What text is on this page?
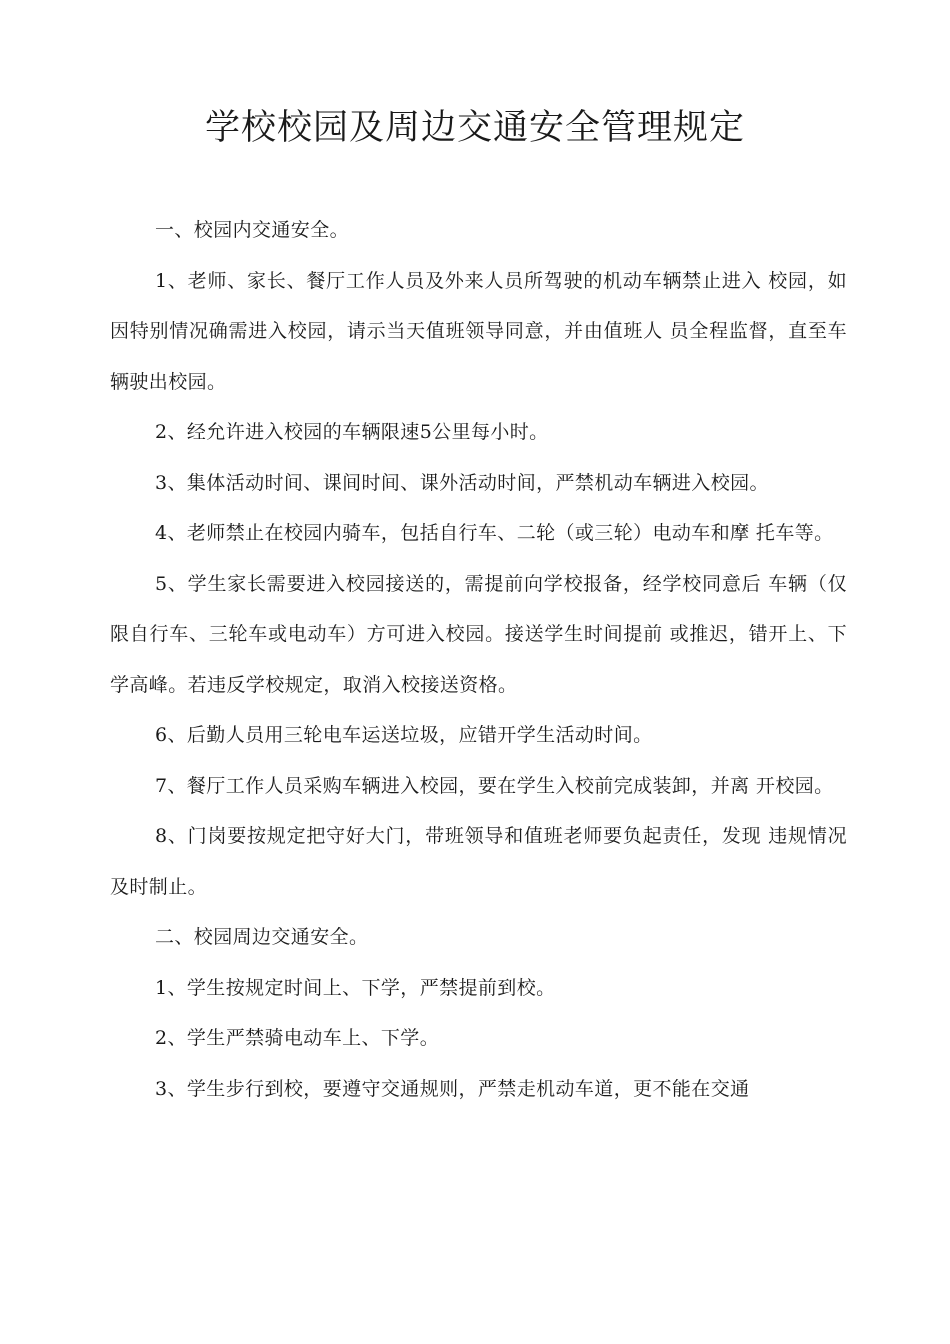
学校校园及周边交通安全管理规定

一、校园内交通安全。

1、老师、家长、餐厅工作人员及外来人员所驾驶的机动车辆禁止进入 校园，如因特别情况确需进入校园，请示当天值班领导同意，并由值班人 员全程监督，直至车辆驶出校园。

2、经允许进入校园的车辆限速5公里每小时。

3、集体活动时间、课间时间、课外活动时间，严禁机动车辆进入校园。

4、老师禁止在校园内骑车，包括自行车、二轮（或三轮）电动车和摩 托车等。

5、学生家长需要进入校园接送的，需提前向学校报备，经学校同意后 车辆（仅限自行车、三轮车或电动车）方可进入校园。接送学生时间提前 或推迟，错开上、下学高峰。若违反学校规定，取消入校接送资格。

6、后勤人员用三轮电车运送垃圾，应错开学生活动时间。

7、餐厅工作人员采购车辆进入校园，要在学生入校前完成装卸，并离 开校园。

8、门岗要按规定把守好大门，带班领导和值班老师要负起责任，发现 违规情况及时制止。

二、校园周边交通安全。

1、学生按规定时间上、下学，严禁提前到校。

2、学生严禁骑电动车上、下学。

3、学生步行到校，要遵守交通规则，严禁走机动车道，更不能在交通
